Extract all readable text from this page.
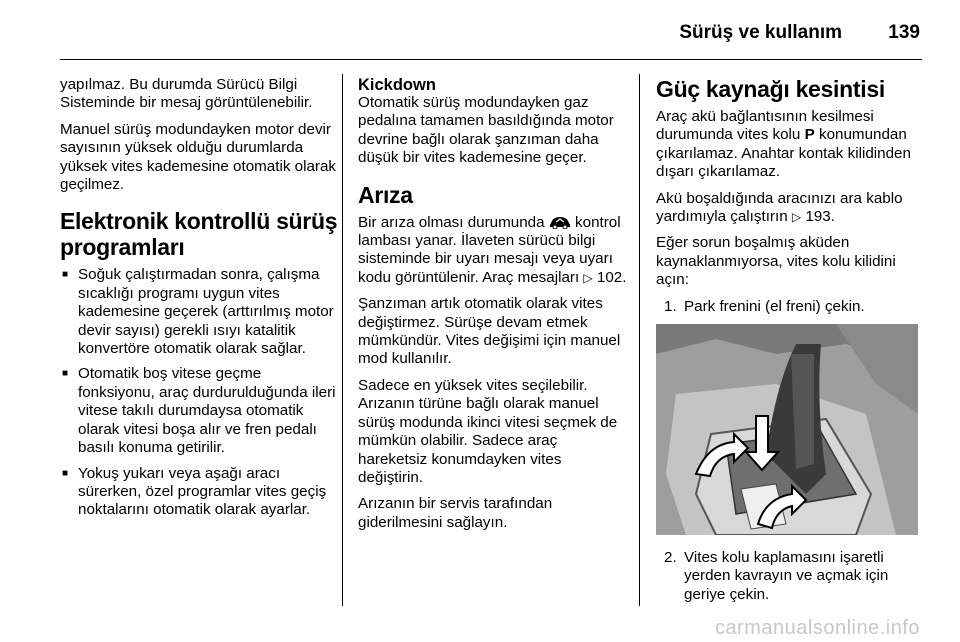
Sürüş ve kullanım 139

yapılmaz. Bu durumda Sürücü Bilgi Sisteminde bir mesaj görüntülenebilir.

Manuel sürüş modundayken motor devir sayısının yüksek olduğu durumlarda yüksek vites kademesine otomatik olarak geçilmez.

Elektronik kontrollü sürüş programları
■ Soğuk çalıştırmadan sonra, çalışma sıcaklığı programı uygun vites kademesine geçerek (arttırılmış motor devir sayısı) gerekli ısıyı katalitik konvertöre otomatik olarak sağlar.
■ Otomatik boş vitese geçme fonksiyonu, araç durdurulduğunda ileri vitese takılı durumdaysa otomatik olarak vitesi boşa alır ve fren pedalı basılı konuma getirilir.
■ Yokuş yukarı veya aşağı aracı sürerken, özel programlar vites geçiş noktalarını otomatik olarak ayarlar.
Kickdown

Otomatik sürüş modundayken gaz pedalına tamamen basıldığında motor devrine bağlı olarak şanzıman daha düşük bir vites kademesine geçer.

Arıza

Bir arıza olması durumunda kontrol lambası yanar. İlaveten sürücü bilgi sisteminde bir uyarı mesajı veya uyarı kodu görüntülenir. Araç mesajları ▷ 102.

Şanzıman artık otomatik olarak vites değiştirmez. Sürüşe devam etmek mümkündür. Vites değişimi için manuel mod kullanılır.

Sadece en yüksek vites seçilebilir. Arızanın türüne bağlı olarak manuel sürüş modunda ikinci vitesi seçmek de mümkün olabilir. Sadece araç hareketsiz konumdayken vites değiştirin.

Arızanın bir servis tarafından giderilmesini sağlayın.

Güç kaynağı kesintisi

Araç akü bağlantısının kesilmesi durumunda vites kolu P konumundan çıkarılamaz. Anahtar kontak kilidinden dışarı çıkarılamaz.

Akü boşaldığında aracınızı ara kablo yardımıyla çalıştırın ▷ 193.

Eğer sorun boşalmış aküden kaynaklanmıyorsa, vites kolu kilidini açın:

1. Park frenini (el freni) çekin.
2. Vites kolu kaplamasını işaretli yerden kavrayın ve açmak için geriye çekin.
carmanualsonline.info
